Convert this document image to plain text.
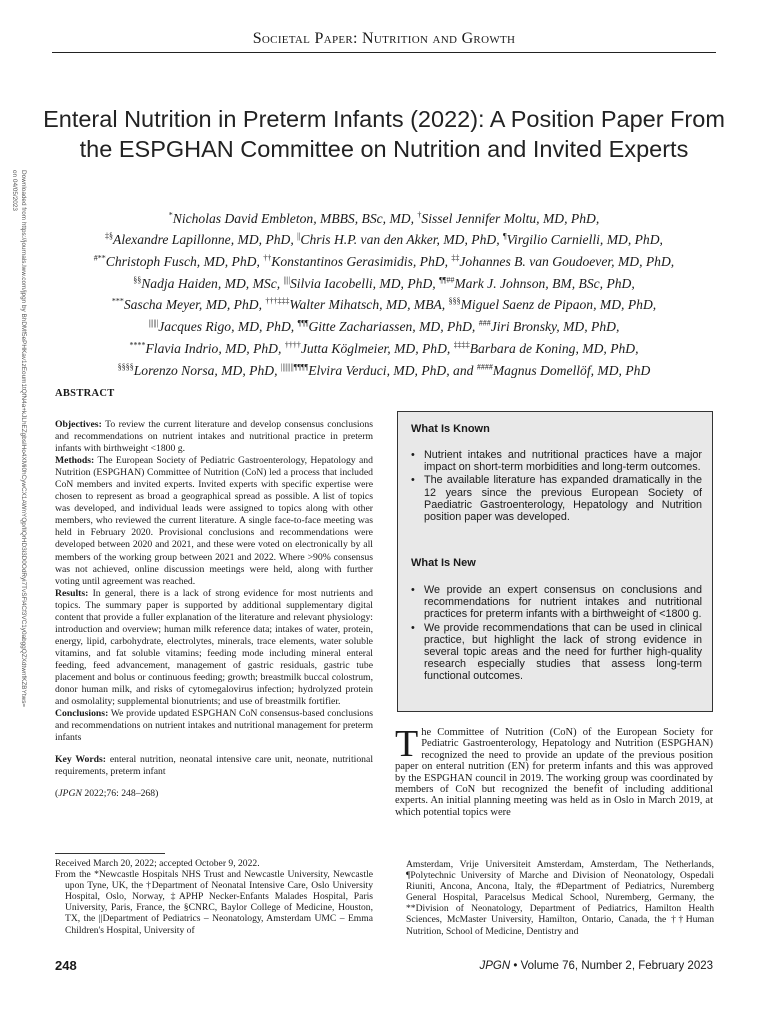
Societal Paper: Nutrition and Growth
Downloaded from https://journals.lww.com/jpgn by BhDMf5ePHKav1zEoum1tQfN4a+kJLhEZgbsIHo4XMi0hCywCX1AWnYQp/IlQrHD3i3D0OdRyi7TvSFl4Cf3VC1y0abggQZXdtwnfKZBYtws= on 04/05/2023
Enteral Nutrition in Preterm Infants (2022): A Position Paper From the ESPGHAN Committee on Nutrition and Invited Experts
*Nicholas David Embleton, MBBS, BSc, MD, †Sissel Jennifer Moltu, MD, PhD,
‡§Alexandre Lapillonne, MD, PhD, ||Chris H.P. van den Akker, MD, PhD, ¶Virgilio Carnielli, MD, PhD,
#**Christoph Fusch, MD, PhD, ††Konstantinos Gerasimidis, PhD, ‡‡Johannes B. van Goudoever, MD, PhD,
§§Nadja Haiden, MD, MSc, ||||Silvia Iacobelli, MD, PhD, ¶¶##Mark J. Johnson, BM, BSc, PhD,
***Sascha Meyer, MD, PhD, †††‡‡‡Walter Mihatsch, MD, MBA, §§§Miguel Saenz de Pipaon, MD, PhD,
||||||Jacques Rigo, MD, PhD, ¶¶¶Gitte Zachariassen, MD, PhD, ###Jiri Bronsky, MD, PhD,
****Flavia Indrio, MD, PhD, ††††Jutta Köglmeier, MD, PhD, ‡‡‡‡Barbara de Koning, MD, PhD,
§§§§Lorenzo Norsa, MD, PhD, ||||||||¶¶¶¶Elvira Verduci, MD, PhD, and ####Magnus Domellöf, MD, PhD
ABSTRACT

Objectives: To review the current literature and develop consensus conclusions and recommendations on nutrient intakes and nutritional practice in preterm infants with birthweight <1800 g.

Methods: The European Society of Pediatric Gastroenterology, Hepatology and Nutrition (ESPGHAN) Committee of Nutrition (CoN) led a process that included CoN members and invited experts. Invited experts with specific expertise were chosen to represent as broad a geographical spread as possible. A list of topics was developed, and individual leads were assigned to topics along with other members, who reviewed the current literature. A single face-to-face meeting was held in February 2020. Provisional conclusions and recommendations were developed between 2020 and 2021, and these were voted on electronically by all members of the working group between 2021 and 2022. Where >90% consensus was not achieved, online discussion meetings were held, along with further voting until agreement was reached.

Results: In general, there is a lack of strong evidence for most nutrients and topics. The summary paper is supported by additional supplementary digital content that provide a fuller explanation of the literature and relevant physiology: introduction and overview; human milk reference data; intakes of water, protein, energy, lipid, carbohydrate, electrolytes, minerals, trace elements, water soluble vitamins, and fat soluble vitamins; feeding mode including mineral enteral feeding, feed advancement, management of gastric residuals, gastric tube placement and bolus or continuous feeding; growth; breastmilk buccal colostrum, donor human milk, and risks of cytomegalovirus infection; hydrolyzed protein and osmolality; supplemental bionutrients; and use of breastmilk fortifier.

Conclusions: We provide updated ESPGHAN CoN consensus-based conclusions and recommendations on nutrient intakes and nutritional management for preterm infants

Key Words: enteral nutrition, neonatal intensive care unit, neonate, nutritional requirements, preterm infant

(JPGN 2022;76: 248–268)

What Is Known
• Nutrient intakes and nutritional practices have a major impact on short-term morbidities and long-term outcomes.
• The available literature has expanded dramatically in the 12 years since the previous European Society of Paediatric Gastroenterology, Hepatology and Nutrition position paper was developed.
What Is New
• We provide an expert consensus on conclusions and recommendations for nutrient intakes and nutritional practices for preterm infants with a birthweight of <1800 g.
• We provide recommendations that can be used in clinical practice, but highlight the lack of strong evidence in several topic areas and the need for further high-quality research especially studies that assess long-term functional outcomes.
The Committee of Nutrition (CoN) of the European Society for Pediatric Gastroenterology, Hepatology and Nutrition (ESPGHAN) recognized the need to provide an update of the previous position paper on enteral nutrition (EN) for preterm infants and this was approved by the ESPGHAN council in 2019. The working group was coordinated by members of CoN but recognized the benefit of including additional experts. An initial planning meeting was held as in Oslo in March 2019, at which potential topics were

Received March 20, 2022; accepted October 9, 2022.

From the *Newcastle Hospitals NHS Trust and Newcastle University, Newcastle upon Tyne, UK, the †Department of Neonatal Intensive Care, Oslo University Hospital, Oslo, Norway, ‡APHP Necker-Enfants Malades Hospital, Paris University, Paris, France, the §CNRC, Baylor College of Medicine, Houston, TX, the ||Department of Pediatrics – Neonatology, Amsterdam UMC – Emma Children's Hospital, University of

Amsterdam, Vrije Universiteit Amsterdam, Amsterdam, The Netherlands, ¶Polytechnic University of Marche and Division of Neonatology, Ospedali Riuniti, Ancona, Ancona, Italy, the #Department of Pediatrics, Nuremberg General Hospital, Paracelsus Medical School, Nuremberg, Germany, the **Division of Neonatology, Department of Pediatrics, Hamilton Health Sciences, McMaster University, Hamilton, Ontario, Canada, the ††Human Nutrition, School of Medicine, Dentistry and
248	JPGN • Volume 76, Number 2, February 2023
